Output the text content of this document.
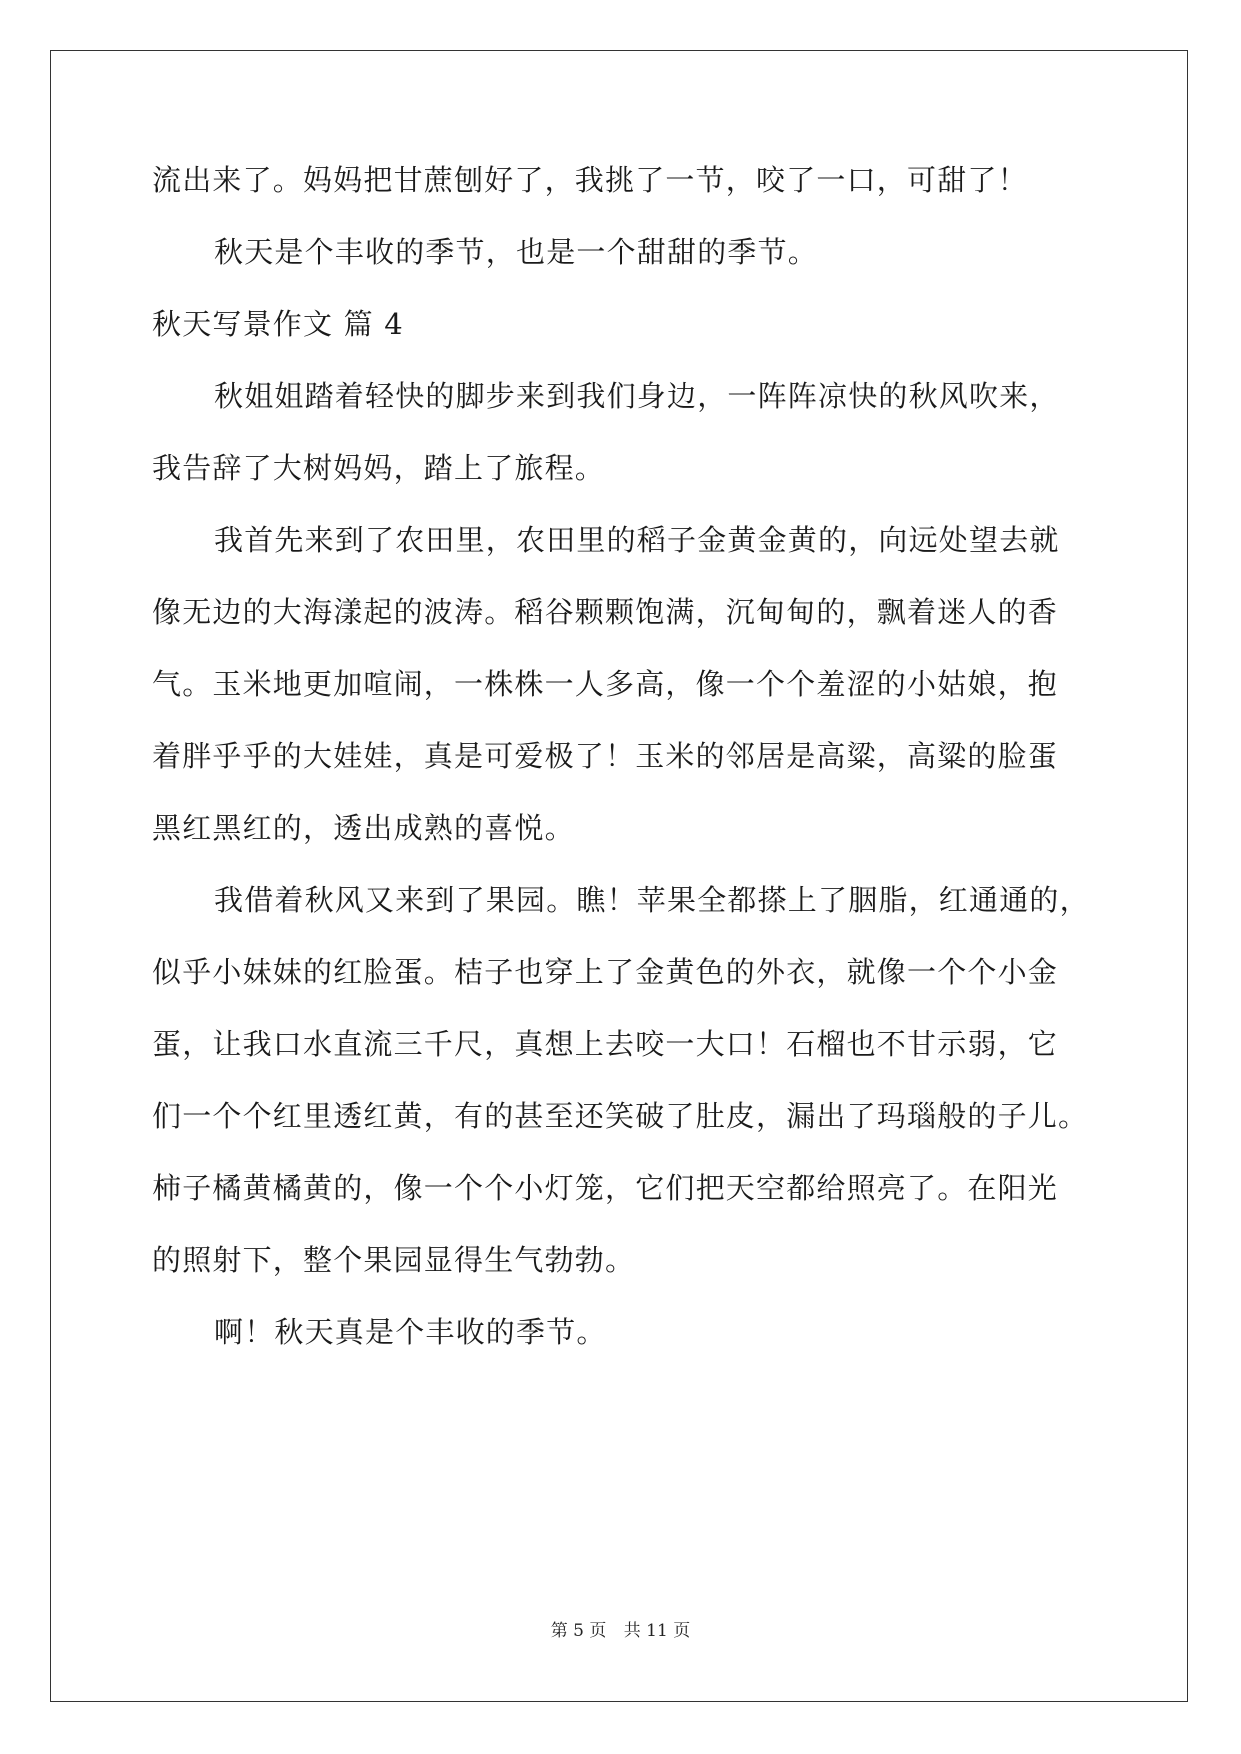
流出来了。妈妈把甘蔗刨好了，我挑了一节，咬了一口，可甜了！
秋天是个丰收的季节，也是一个甜甜的季节。
秋天写景作文 篇 4
秋姐姐踏着轻快的脚步来到我们身边，一阵阵凉快的秋风吹来，
我告辞了大树妈妈，踏上了旅程。
我首先来到了农田里，农田里的稻子金黄金黄的，向远处望去就
像无边的大海漾起的波涛。稻谷颗颗饱满，沉甸甸的，飘着迷人的香
气。玉米地更加喧闹，一株株一人多高，像一个个羞涩的小姑娘，抱
着胖乎乎的大娃娃，真是可爱极了！玉米的邻居是高粱，高粱的脸蛋
黑红黑红的，透出成熟的喜悦。
我借着秋风又来到了果园。瞧！苹果全都搽上了胭脂，红通通的，
似乎小妹妹的红脸蛋。桔子也穿上了金黄色的外衣，就像一个个小金
蛋，让我口水直流三千尺，真想上去咬一大口！石榴也不甘示弱，它
们一个个红里透红黄，有的甚至还笑破了肚皮，漏出了玛瑙般的子儿。
柿子橘黄橘黄的，像一个个小灯笼，它们把天空都给照亮了。在阳光
的照射下，整个果园显得生气勃勃。
啊！秋天真是个丰收的季节。
第 5 页 共 11 页
